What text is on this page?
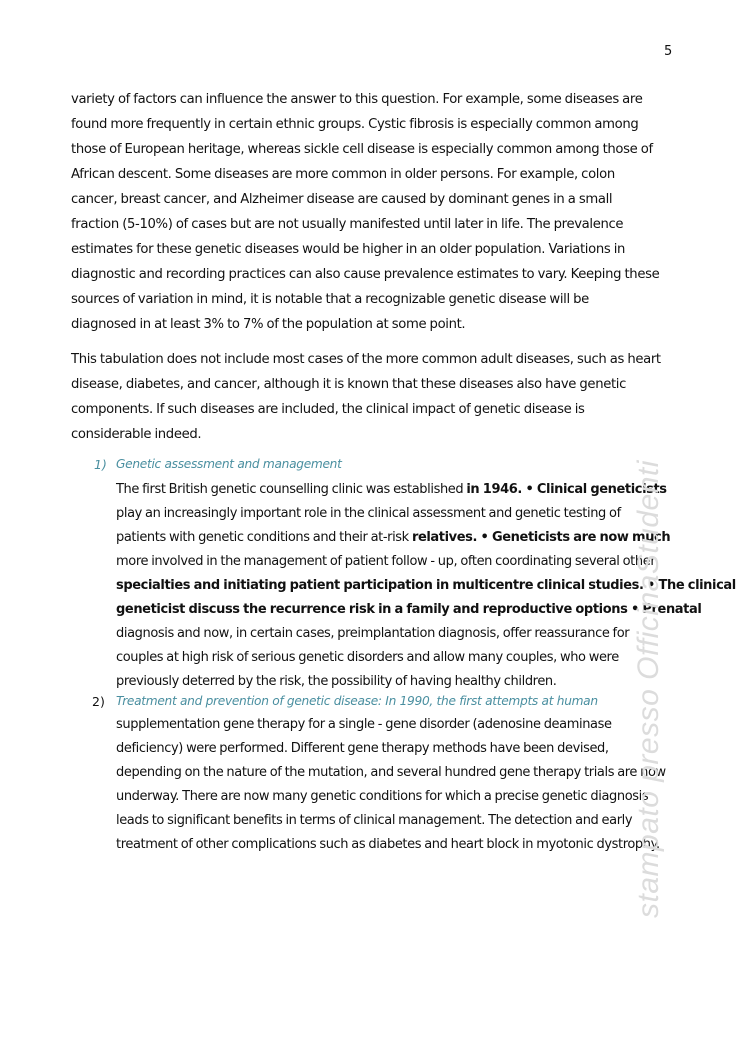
5
variety of factors can influence the answer to this question. For example, some diseases are
found more frequently in certain ethnic groups. Cystic fibrosis is especially common among
those of European heritage, whereas sickle cell disease is especially common among those of
African descent. Some diseases are more common in older persons. For example, colon
cancer, breast cancer, and Alzheimer disease are caused by dominant genes in a small
fraction (5-10%) of cases but are not usually manifested until later in life. The prevalence
estimates for these genetic diseases would be higher in an older population. Variations in
diagnostic and recording practices can also cause prevalence estimates to vary. Keeping these
sources of variation in mind, it is notable that a recognizable genetic disease will be
diagnosed in at least 3% to 7% of the population at some point.
This tabulation does not include most cases of the more common adult diseases, such as heart
disease, diabetes, and cancer, although it is known that these diseases also have genetic
components. If such diseases are included, the clinical impact of genetic disease is
considerable indeed.
1) Genetic assessment and management
The first British genetic counselling clinic was established in 1946. • Clinical geneticists
play an increasingly important role in the clinical assessment and genetic testing of
patients with genetic conditions and their at-risk relatives. • Geneticists are now much
more involved in the management of patient follow - up, often coordinating several other
specialties and initiating patient participation in multicentre clinical studies. • The clinical
geneticist discuss the recurrence risk in a family and reproductive options • Prenatal
diagnosis and now, in certain cases, preimplantation diagnosis, offer reassurance for
couples at high risk of serious genetic disorders and allow many couples, who were
previously deterred by the risk, the possibility of having healthy children.
2) Treatment and prevention of genetic disease: In 1990, the first attempts at human
supplementation gene therapy for a single - gene disorder (adenosine deaminase
deficiency) were performed. Different gene therapy methods have been devised,
depending on the nature of the mutation, and several hundred gene therapy trials are now
underway. There are now many genetic conditions for which a precise genetic diagnosis
leads to significant benefits in terms of clinical management. The detection and early
treatment of other complications such as diabetes and heart block in myotonic dystrophy.
stampato presso OfficinaStudenti
